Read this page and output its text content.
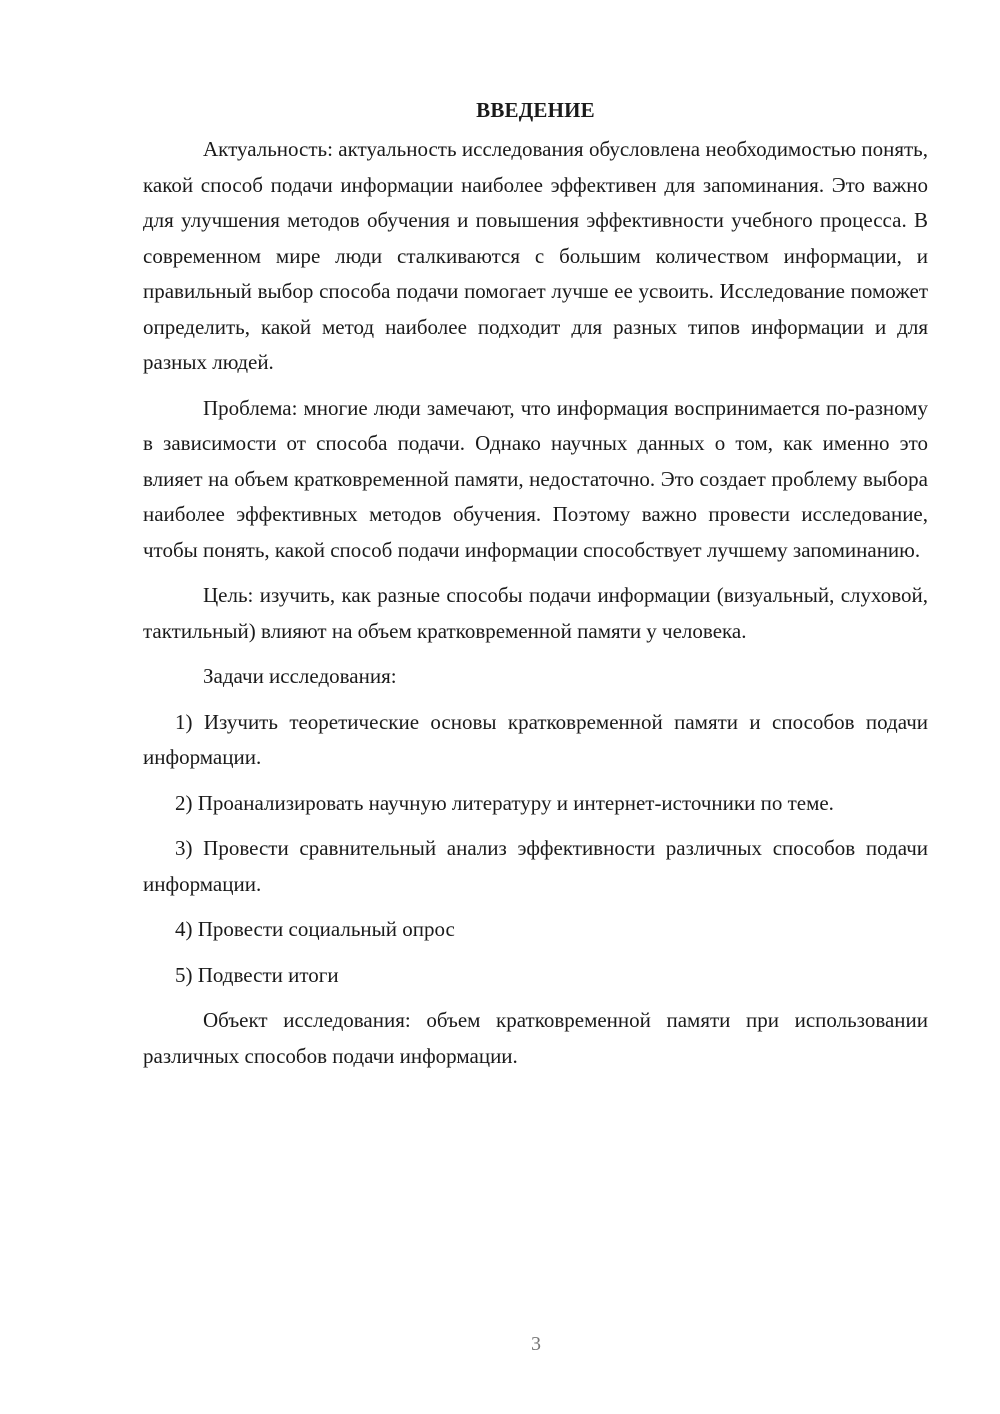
ВВЕДЕНИЕ

Актуальность: актуальность исследования обусловлена необходимостью понять, какой способ подачи информации наиболее эффективен для запоминания. Это важно для улучшения методов обучения и повышения эффективности учебного процесса. В современном мире люди сталкиваются с большим количеством информации, и правильный выбор способа подачи помогает лучше ее усвоить. Исследование поможет определить, какой метод наиболее подходит для разных типов информации и для разных людей.

Проблема: многие люди замечают, что информация воспринимается по-разному в зависимости от способа подачи. Однако научных данных о том, как именно это влияет на объем кратковременной памяти, недостаточно. Это создает проблему выбора наиболее эффективных методов обучения. Поэтому важно провести исследование, чтобы понять, какой способ подачи информации способствует лучшему запоминанию.

Цель: изучить, как разные способы подачи информации (визуальный, слуховой, тактильный) влияют на объем кратковременной памяти у человека.

Задачи исследования:

1) Изучить теоретические основы кратковременной памяти и способов подачи информации.

2) Проанализировать научную литературу и интернет-источники по теме.

3) Провести сравнительный анализ эффективности различных способов подачи информации.

4) Провести социальный опрос

5) Подвести итоги

Объект исследования: объем кратковременной памяти при использовании различных способов подачи информации.

3
